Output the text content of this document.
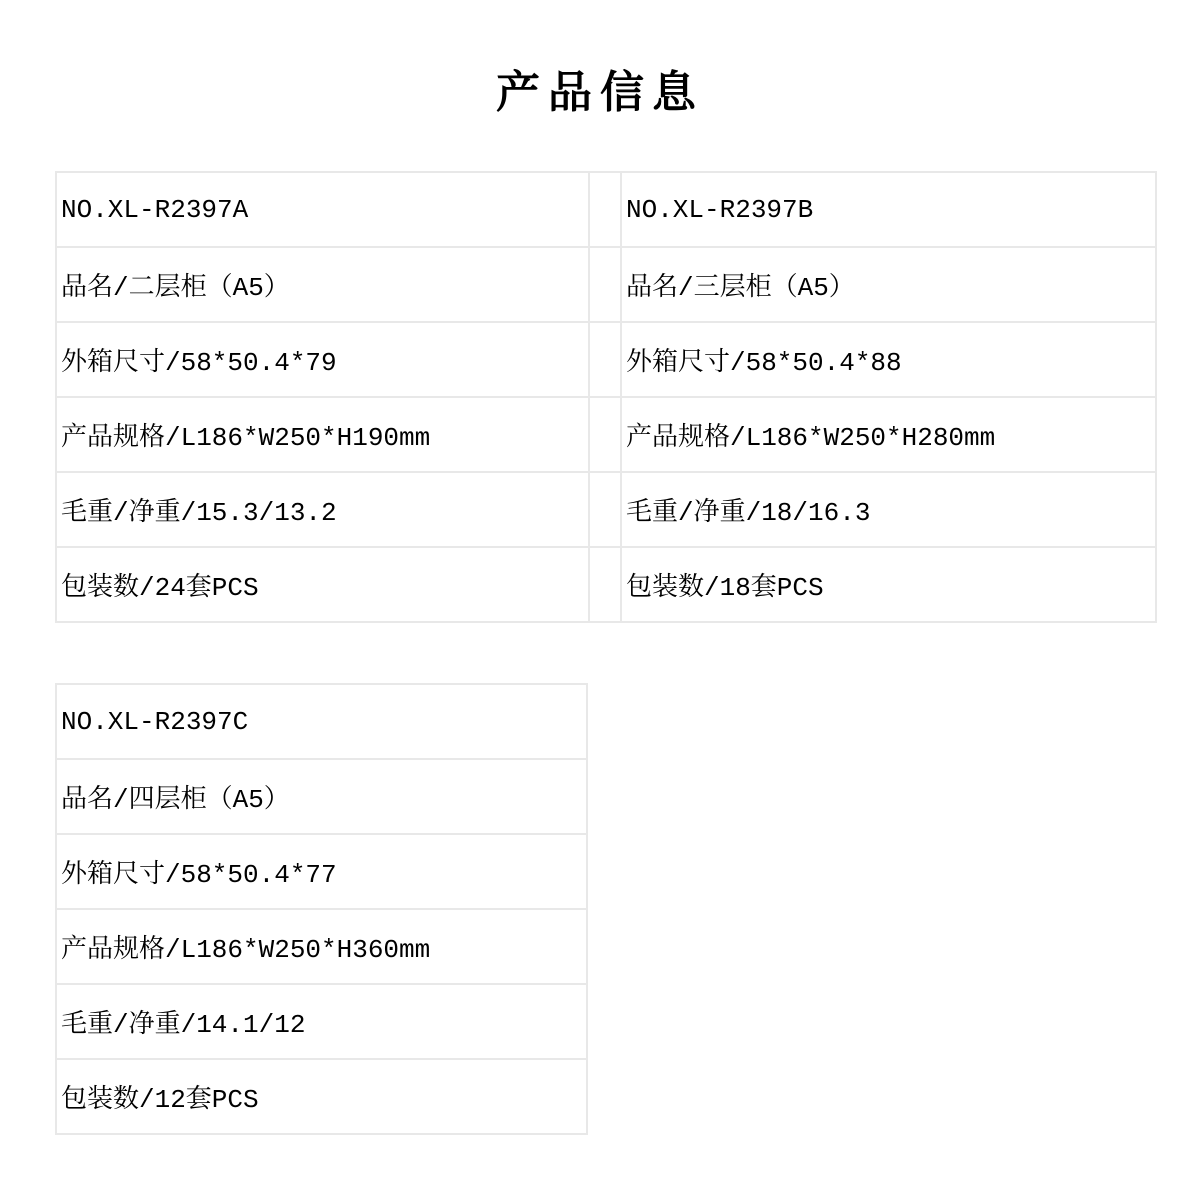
产品信息
NO.XL-R2397A		NO.XL-R2397B
品名/二层柜（A5）		品名/三层柜（A5）
外箱尺寸/58*50.4*79		外箱尺寸/58*50.4*88
产品规格/L186*W250*H190mm		产品规格/L186*W250*H280mm
毛重/净重/15.3/13.2		毛重/净重/18/16.3
包装数/24套PCS		包装数/18套PCS
NO.XL-R2397C
品名/四层柜（A5）
外箱尺寸/58*50.4*77
产品规格/L186*W250*H360mm
毛重/净重/14.1/12
包装数/12套PCS
